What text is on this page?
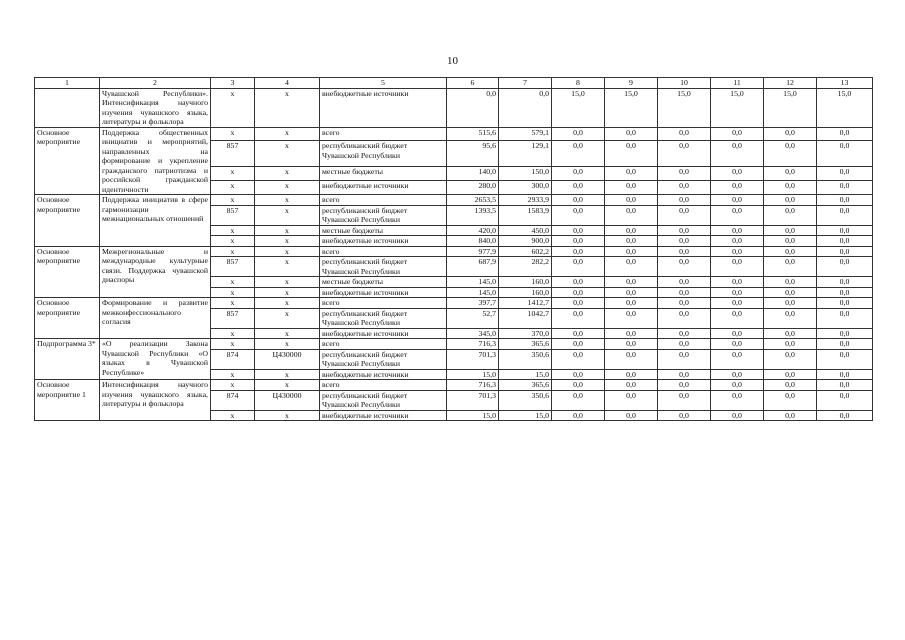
10
1	2	3	4	5	6	7	8	9	10	11	12	13
	Чувашской Республики». Интенсификация научного изучения чувашского языка, литературы и фольклора	x	x	внебюджетные источники	0,0	0,0	15,0	15,0	15,0	15,0	15,0	15,0
Основное мероприятие	Поддержка общественных инициатив и мероприятий, направленных на формирование и укрепление гражданского патриотизма и российской гражданской идентичности	x	x	всего	515,6	579,1	0,0	0,0	0,0	0,0	0,0	0,0
		857	x	республиканский бюджет Чувашской Республики	95,6	129,1	0,0	0,0	0,0	0,0	0,0	0,0
		x	x	местные бюджеты	140,0	150,0	0,0	0,0	0,0	0,0	0,0	0,0
		x	x	внебюджетные источники	280,0	300,0	0,0	0,0	0,0	0,0	0,0	0,0
Основное мероприятие	Поддержка инициатив в сфере гармонизации межнациональных отношений	x	x	всего	2653,5	2933,9	0,0	0,0	0,0	0,0	0,0	0,0
		857	x	республиканский бюджет Чувашской Республики	1393,5	1583,9	0,0	0,0	0,0	0,0	0,0	0,0
		x	x	местные бюджеты	420,0	450,0	0,0	0,0	0,0	0,0	0,0	0,0
		x	x	внебюджетные источники	840,0	900,0	0,0	0,0	0,0	0,0	0,0	0,0
Основное мероприятие	Межрегиональные и международные культурные связи. Поддержка чувашской диаспоры	x	x	всего	977,9	602,2	0,0	0,0	0,0	0,0	0,0	0,0
		857	x	республиканский бюджет Чувашской Республики	687,9	282,2	0,0	0,0	0,0	0,0	0,0	0,0
		x	x	местные бюджеты	145,0	160,0	0,0	0,0	0,0	0,0	0,0	0,0
		x	x	внебюджетные источники	145,0	160,0	0,0	0,0	0,0	0,0	0,0	0,0
Основное мероприятие	Формирование и развитие межконфессионального согласия	x	x	всего	397,7	1412,7	0,0	0,0	0,0	0,0	0,0	0,0
		857	x	республиканский бюджет Чувашской Республики	52,7	1042,7	0,0	0,0	0,0	0,0	0,0	0,0
		x	x	внебюджетные источники	345,0	370,0	0,0	0,0	0,0	0,0	0,0	0,0
Подпрограмма 3*	«О реализации Закона Чувашской Республики «О языках в Чувашской Республике»	x	x	всего	716,3	365,6	0,0	0,0	0,0	0,0	0,0	0,0
		874	Ц430000	республиканский бюджет Чувашской Республики	701,3	350,6	0,0	0,0	0,0	0,0	0,0	0,0
		x	x	внебюджетные источники	15,0	15,0	0,0	0,0	0,0	0,0	0,0	0,0
Основное мероприятие 1	Интенсификация научного изучения чувашского языка, литературы и фольклора	x	x	всего	716,3	365,6	0,0	0,0	0,0	0,0	0,0	0,0
		874	Ц430000	республиканский бюджет Чувашской Республики	701,3	350,6	0,0	0,0	0,0	0,0	0,0	0,0
		x	x	внебюджетные источники	15,0	15,0	0,0	0,0	0,0	0,0	0,0	0,0
